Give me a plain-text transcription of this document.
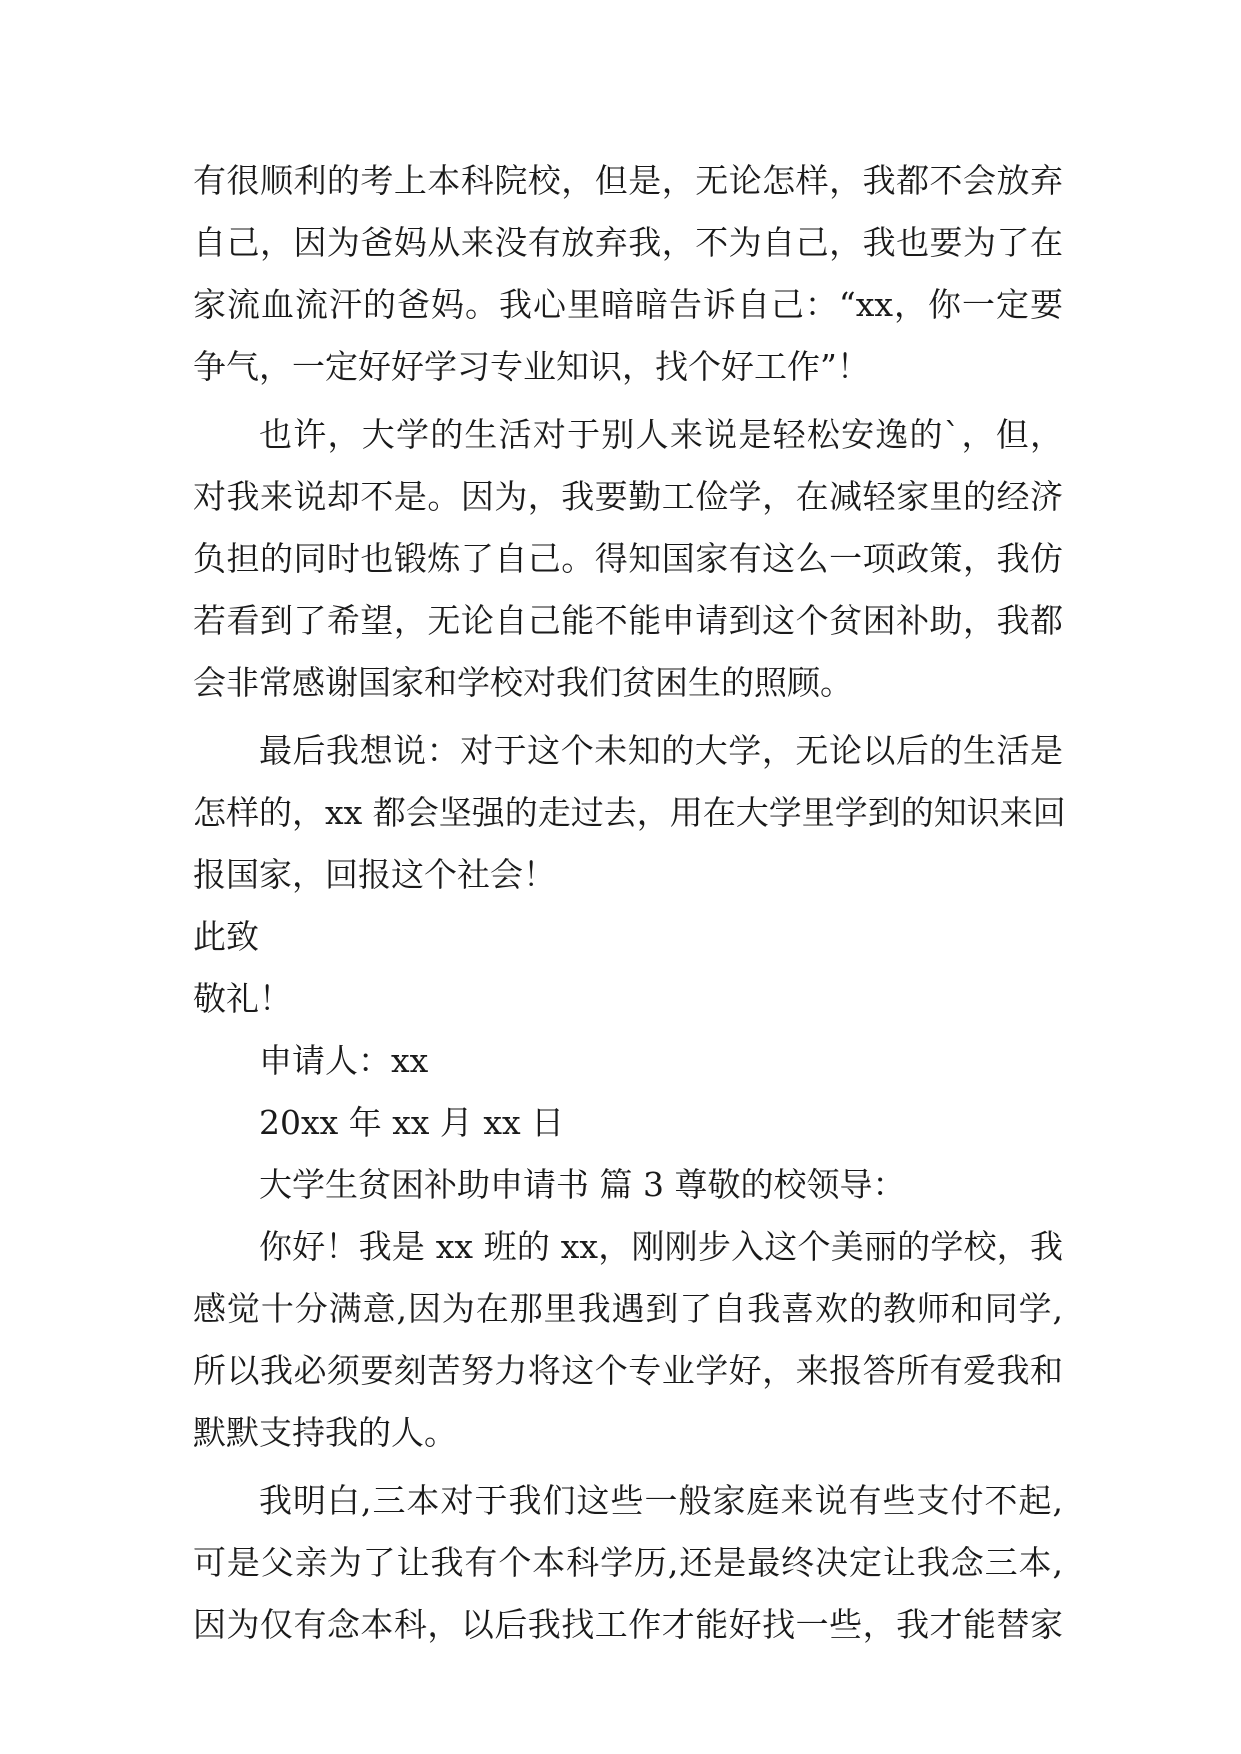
有很顺利的考上本科院校，但是，无论怎样，我都不会放弃
自己，因为爸妈从来没有放弃我，不为自己，我也要为了在
家流血流汗的爸妈。我心里暗暗告诉自己：“xx，你一定要
争气，一定好好学习专业知识，找个好工作”！
也许，大学的生活对于别人来说是轻松安逸的`，但，
对我来说却不是。因为，我要勤工俭学，在减轻家里的经济
负担的同时也锻炼了自己。得知国家有这么一项政策，我仿
若看到了希望，无论自己能不能申请到这个贫困补助，我都
会非常感谢国家和学校对我们贫困生的照顾。
最后我想说：对于这个未知的大学，无论以后的生活是
怎样的，xx 都会坚强的走过去，用在大学里学到的知识来回
报国家，回报这个社会！
此致
敬礼！
申请人：xx
20xx 年 xx 月 xx 日
大学生贫困补助申请书 篇 3 尊敬的校领导：
你好！我是 xx 班的 xx，刚刚步入这个美丽的学校，我
感觉十分满意,因为在那里我遇到了自我喜欢的教师和同学,
所以我必须要刻苦努力将这个专业学好，来报答所有爱我和
默默支持我的人。
我明白,三本对于我们这些一般家庭来说有些支付不起,
可是父亲为了让我有个本科学历,还是最终决定让我念三本,
因为仅有念本科，以后我找工作才能好找一些，我才能替家
